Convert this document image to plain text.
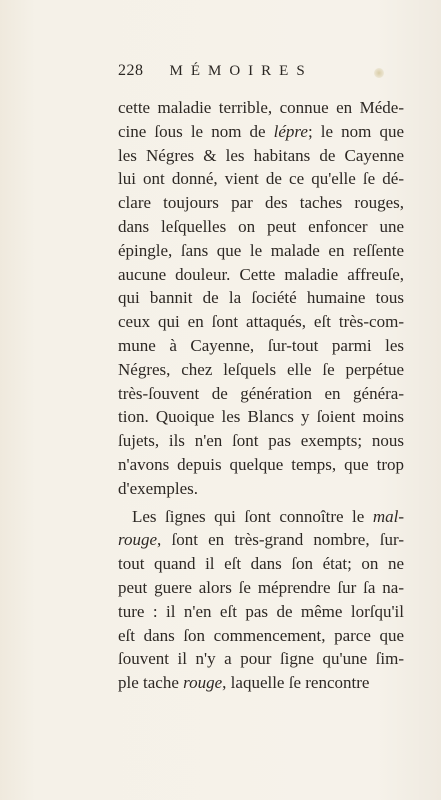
228 MÉMOIRES
cette maladie terrible, connue en Méde-
cine ſous le nom de lépre; le nom que
les Négres & les habitans de Cayenne
lui ont donné, vient de ce qu'elle ſe dé-
clare toujours par des taches rouges,
dans leſquelles on peut enfoncer une
épingle, ſans que le malade en reſſente
aucune douleur. Cette maladie affreuſe,
qui bannit de la ſociété humaine tous
ceux qui en ſont attaqués, eſt très-com-
mune à Cayenne, ſur-tout parmi les
Négres, chez leſquels elle ſe perpétue
très-ſouvent de génération en généra-
tion. Quoique les Blancs y ſoient moins
ſujets, ils n'en ſont pas exempts; nous
n'avons depuis quelque temps, que trop
d'exemples.
Les ſignes qui ſont connoître le mal-
rouge, ſont en très-grand nombre, ſur-
tout quand il eſt dans ſon état; on ne
peut guere alors ſe méprendre ſur ſa na-
ture : il n'en eſt pas de même lorſqu'il
eſt dans ſon commencement, parce que
ſouvent il n'y a pour ſigne qu'une ſim-
ple tache rouge, laquelle ſe rencontre
